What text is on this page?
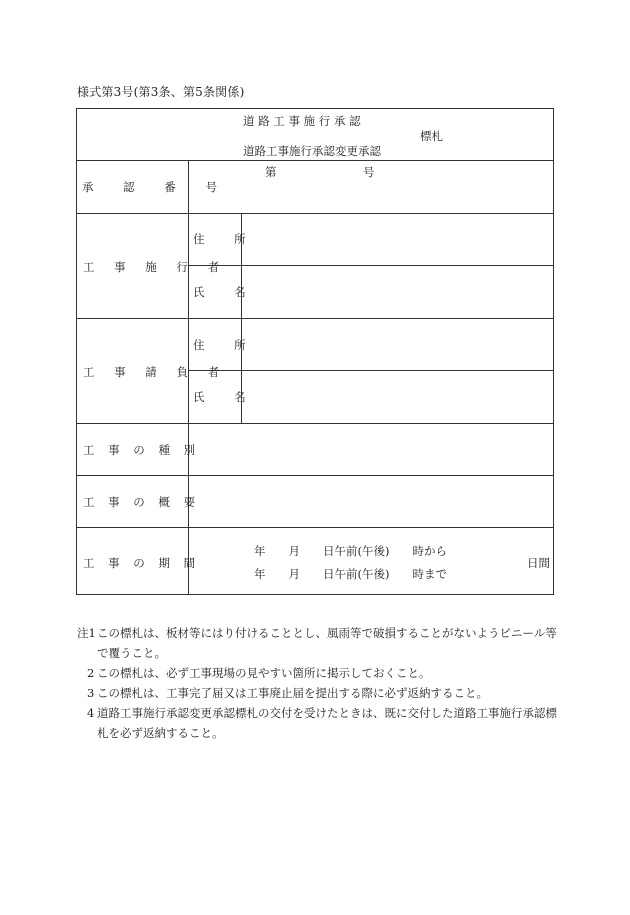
様式第3号(第3条、第5条関係)
道 路 工 事 施 行 承 認
標札
道路工事施行承認変更承認
承 認 番 号
第	号
工 事 施 行 者
住 所
氏 名
工 事 請 負 者
住 所
氏 名
工 事 の 種 別
工 事 の 概 要
工 事 の 期 間
年　　月　　日午前(午後)　　時から
年　　月　　日午前(午後)　　時まで
日間
注1 この標札は、板材等にはり付けることとし、風雨等で破損することがないようビニール等で覆うこと。
2 この標札は、必ず工事現場の見やすい箇所に掲示しておくこと。
3 この標札は、工事完了届又は工事廃止届を提出する際に必ず返納すること。
4 道路工事施行承認変更承認標札の交付を受けたときは、既に交付した道路工事施行承認標札を必ず返納すること。
